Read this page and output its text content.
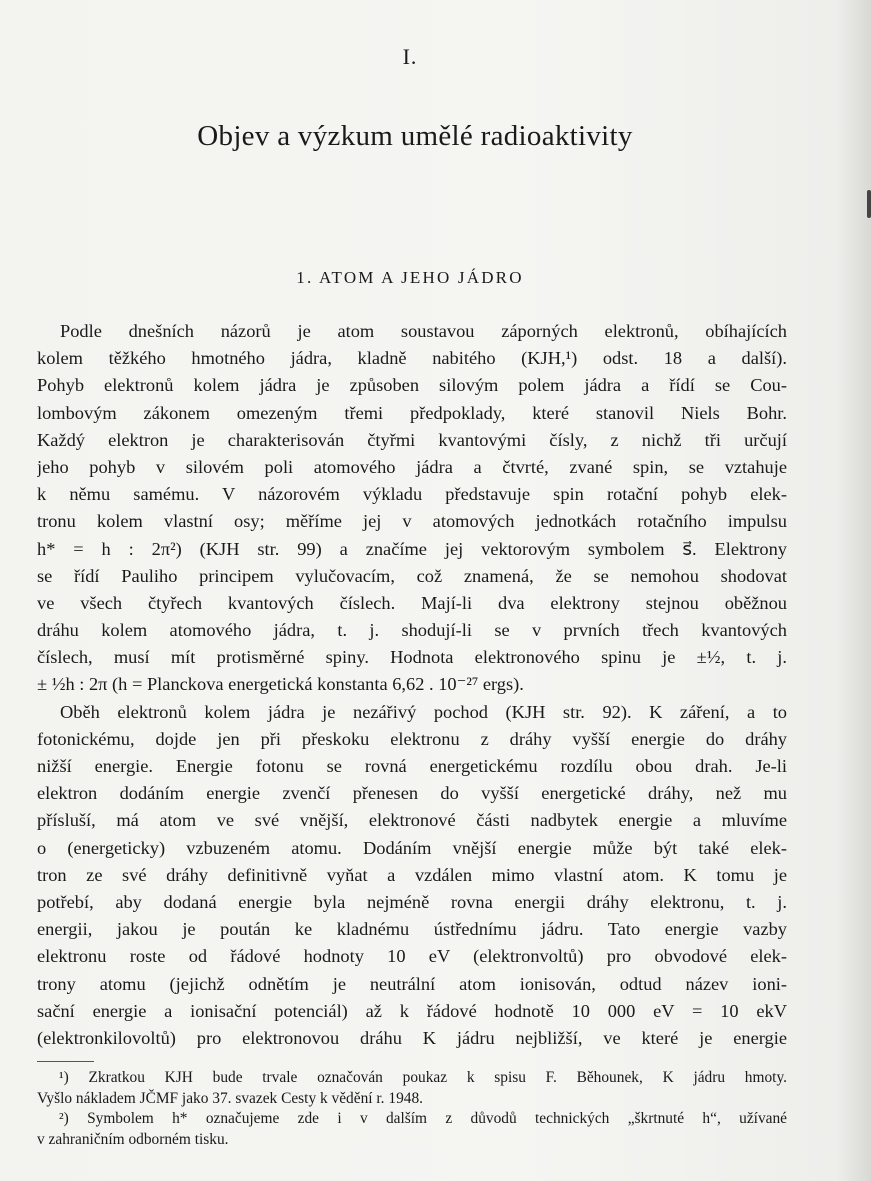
I.
Objev a výzkum umělé radioaktivity
1. ATOM A JEHO JÁDRO
Podle dnešních názorů je atom soustavou záporných elektronů, obíhajících
kolem těžkého hmotného jádra, kladně nabitého (KJH,¹) odst. 18 a další).
Pohyb elektronů kolem jádra je způsoben silovým polem jádra a řídí se Cou-
lombovým zákonem omezeným třemi předpoklady, které stanovil Niels Bohr.
Každý elektron je charakterisován čtyřmi kvantovými čísly, z nichž tři určují
jeho pohyb v silovém poli atomového jádra a čtvrté, zvané spin, se vztahuje
k němu samému. V názorovém výkladu představuje spin rotační pohyb elek-
tronu kolem vlastní osy; měříme jej v atomových jednotkách rotačního impulsu
h* = h : 2π²) (KJH str. 99) a značíme jej vektorovým symbolem s⃗. Elektrony
se řídí Pauliho principem vylučovacím, což znamená, že se nemohou shodovat
ve všech čtyřech kvantových číslech. Mají-li dva elektrony stejnou oběžnou
dráhu kolem atomového jádra, t. j. shodují-li se v prvních třech kvantových
číslech, musí mít protisměrné spiny. Hodnota elektronového spinu je ±½, t. j.
± ½h : 2π (h = Planckova energetická konstanta 6,62 . 10⁻²⁷ ergs).
Oběh elektronů kolem jádra je nezářivý pochod (KJH str. 92). K záření, a to
fotonickému, dojde jen při přeskoku elektronu z dráhy vyšší energie do dráhy
nižší energie. Energie fotonu se rovná energetickému rozdílu obou drah. Je-li
elektron dodáním energie zvenčí přenesen do vyšší energetické dráhy, než mu
přísluší, má atom ve své vnější, elektronové části nadbytek energie a mluvíme
o (energeticky) vzbuzeném atomu. Dodáním vnější energie může být také elek-
tron ze své dráhy definitivně vyňat a vzdálen mimo vlastní atom. K tomu je
potřebí, aby dodaná energie byla nejméně rovna energii dráhy elektronu, t. j.
energii, jakou je poután ke kladnému ústřednímu jádru. Tato energie vazby
elektronu roste od řádové hodnoty 10 eV (elektronvoltů) pro obvodové elek-
trony atomu (jejichž odnětím je neutrální atom ionisován, odtud název ioni-
sační energie a ionisační potenciál) až k řádové hodnotě 10 000 eV = 10 ekV
(elektronkilovoltů) pro elektronovou dráhu K jádru nejbližší, ve které je energie
¹) Zkratkou KJH bude trvale označován poukaz k spisu F. Běhounek, K jádru hmoty.
Vyšlo nákladem JČMF jako 37. svazek Cesty k vědění r. 1948.
²) Symbolem h* označujeme zde i v dalším z důvodů technických „škrtnuté h“, užívané
v zahraničním odborném tisku.
